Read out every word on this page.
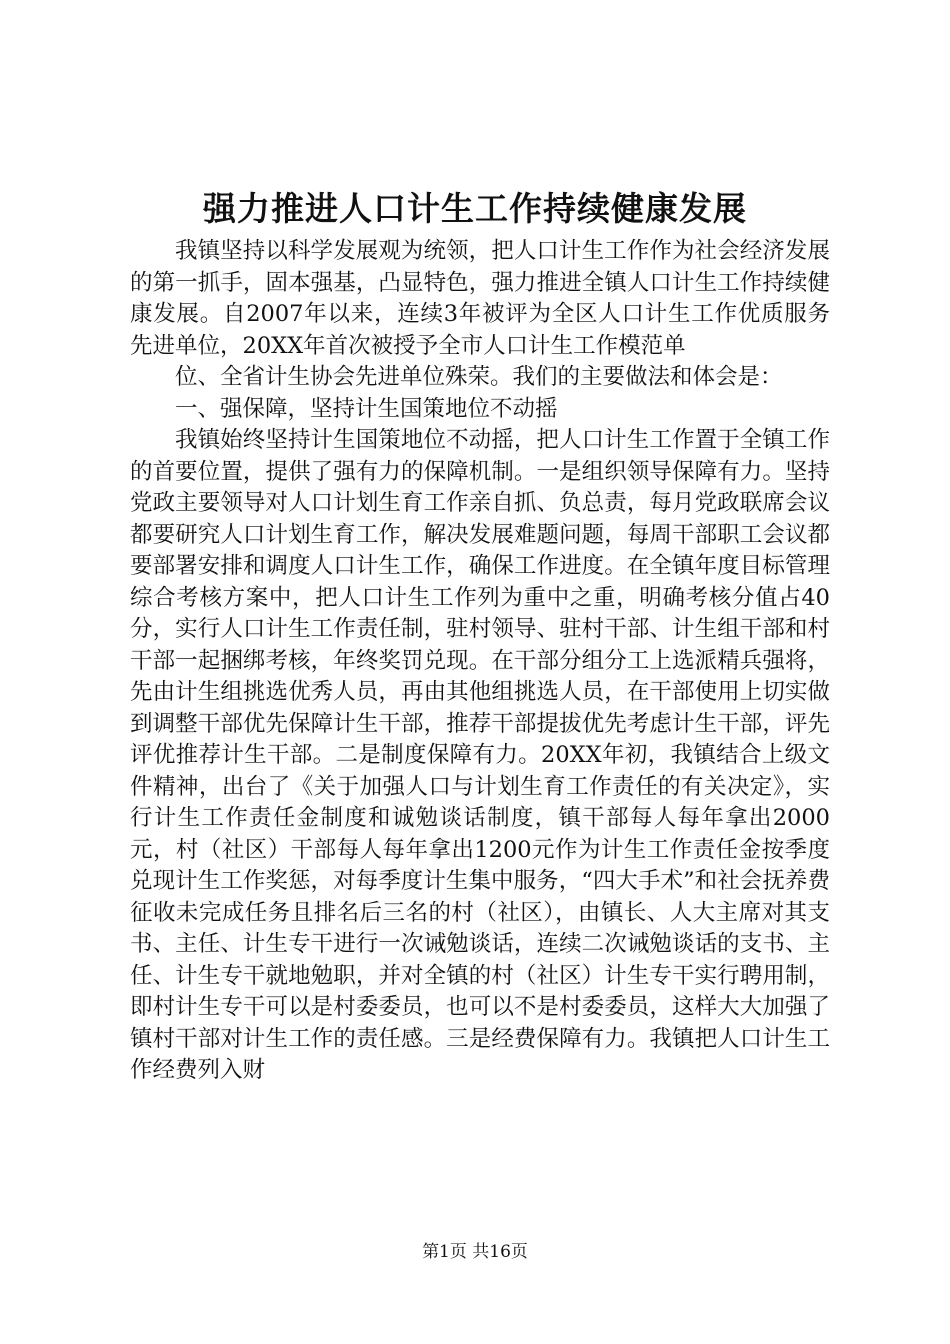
强力推进人口计生工作持续健康发展

我镇坚持以科学发展观为统领，把人口计生工作作为社会经济发展的第一抓手，固本强基，凸显特色，强力推进全镇人口计生工作持续健康发展。自2007年以来，连续3年被评为全区人口计生工作优质服务先进单位，20XX年首次被授予全市人口计生工作模范单

位、全省计生协会先进单位殊荣。我们的主要做法和体会是：

一、强保障，坚持计生国策地位不动摇

我镇始终坚持计生国策地位不动摇，把人口计生工作置于全镇工作的首要位置，提供了强有力的保障机制。一是组织领导保障有力。坚持党政主要领导对人口计划生育工作亲自抓、负总责，每月党政联席会议都要研究人口计划生育工作，解决发展难题问题，每周干部职工会议都要部署安排和调度人口计生工作，确保工作进度。在全镇年度目标管理综合考核方案中，把人口计生工作列为重中之重，明确考核分值占40分，实行人口计生工作责任制，驻村领导、驻村干部、计生组干部和村干部一起捆绑考核，年终奖罚兑现。在干部分组分工上选派精兵强将，先由计生组挑选优秀人员，再由其他组挑选人员，在干部使用上切实做到调整干部优先保障计生干部，推荐干部提拔优先考虑计生干部，评先评优推荐计生干部。二是制度保障有力。20XX年初，我镇结合上级文件精神，出台了《关于加强人口与计划生育工作责任的有关决定》，实行计生工作责任金制度和诚勉谈话制度，镇干部每人每年拿出2000元，村（社区）干部每人每年拿出1200元作为计生工作责任金按季度兑现计生工作奖惩，对每季度计生集中服务，“四大手术”和社会抚养费征收未完成任务且排名后三名的村（社区），由镇长、人大主席对其支书、主任、计生专干进行一次诫勉谈话，连续二次诫勉谈话的支书、主任、计生专干就地勉职，并对全镇的村（社区）计生专干实行聘用制，即村计生专干可以是村委委员，也可以不是村委委员，这样大大加强了镇村干部对计生工作的责任感。三是经费保障有力。我镇把人口计生工作经费列入财

第1页 共16页
